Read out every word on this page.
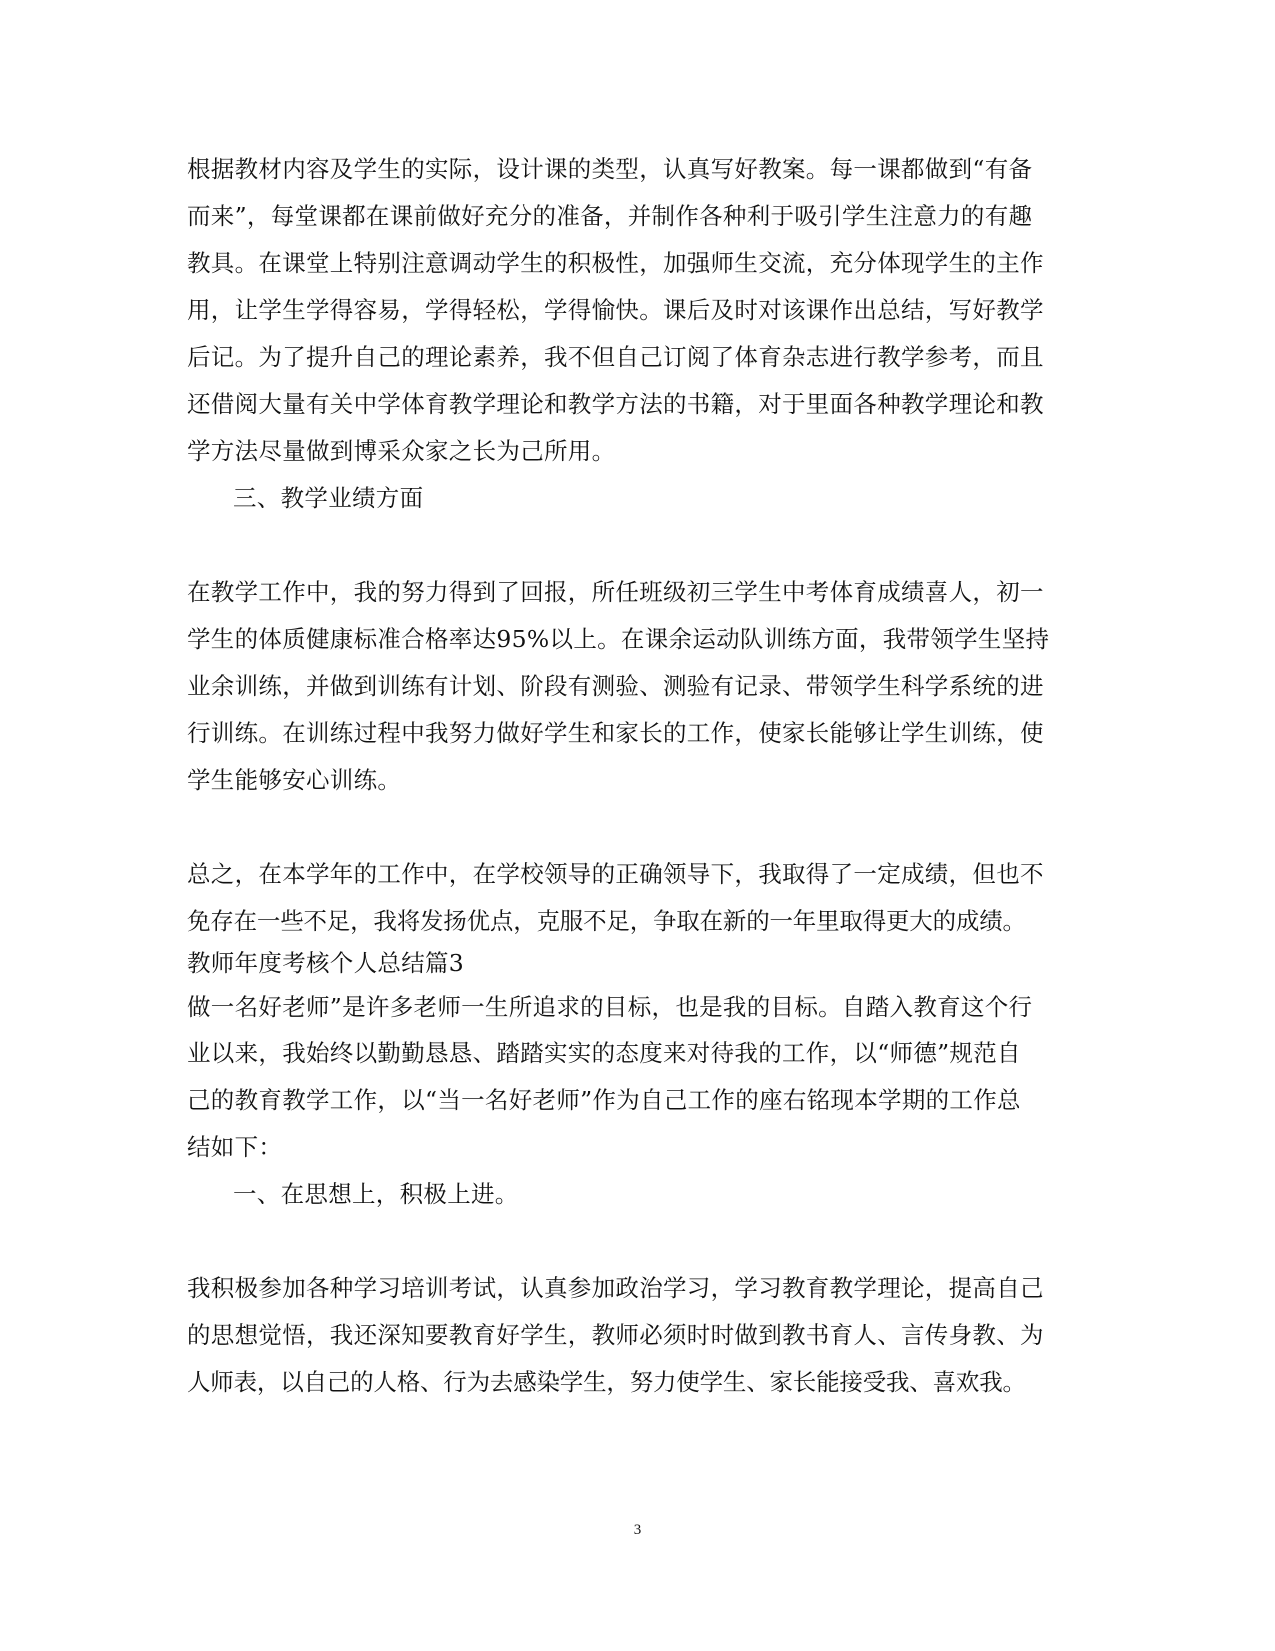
根据教材内容及学生的实际，设计课的类型，认真写好教案。每一课都做到“有备
而来”，每堂课都在课前做好充分的准备，并制作各种利于吸引学生注意力的有趣
教具。在课堂上特别注意调动学生的积极性，加强师生交流，充分体现学生的主作
用，让学生学得容易，学得轻松，学得愉快。课后及时对该课作出总结，写好教学
后记。为了提升自己的理论素养，我不但自己订阅了体育杂志进行教学参考，而且
还借阅大量有关中学体育教学理论和教学方法的书籍，对于里面各种教学理论和教
学方法尽量做到博采众家之长为己所用。
三、教学业绩方面
在教学工作中，我的努力得到了回报，所任班级初三学生中考体育成绩喜人，初一
学生的体质健康标准合格率达95%以上。在课余运动队训练方面，我带领学生坚持
业余训练，并做到训练有计划、阶段有测验、测验有记录、带领学生科学系统的进
行训练。在训练过程中我努力做好学生和家长的工作，使家长能够让学生训练，使
学生能够安心训练。
总之，在本学年的工作中，在学校领导的正确领导下，我取得了一定成绩，但也不
免存在一些不足，我将发扬优点，克服不足，争取在新的一年里取得更大的成绩。
教师年度考核个人总结篇3
做一名好老师”是许多老师一生所追求的目标，也是我的目标。自踏入教育这个行
业以来，我始终以勤勤恳恳、踏踏实实的态度来对待我的工作，以“师德”规范自
己的教育教学工作，以“当一名好老师”作为自己工作的座右铭现本学期的工作总
结如下：
一、在思想上，积极上进。
我积极参加各种学习培训考试，认真参加政治学习，学习教育教学理论，提高自己
的思想觉悟，我还深知要教育好学生，教师必须时时做到教书育人、言传身教、为
人师表，以自己的人格、行为去感染学生，努力使学生、家长能接受我、喜欢我。
3
